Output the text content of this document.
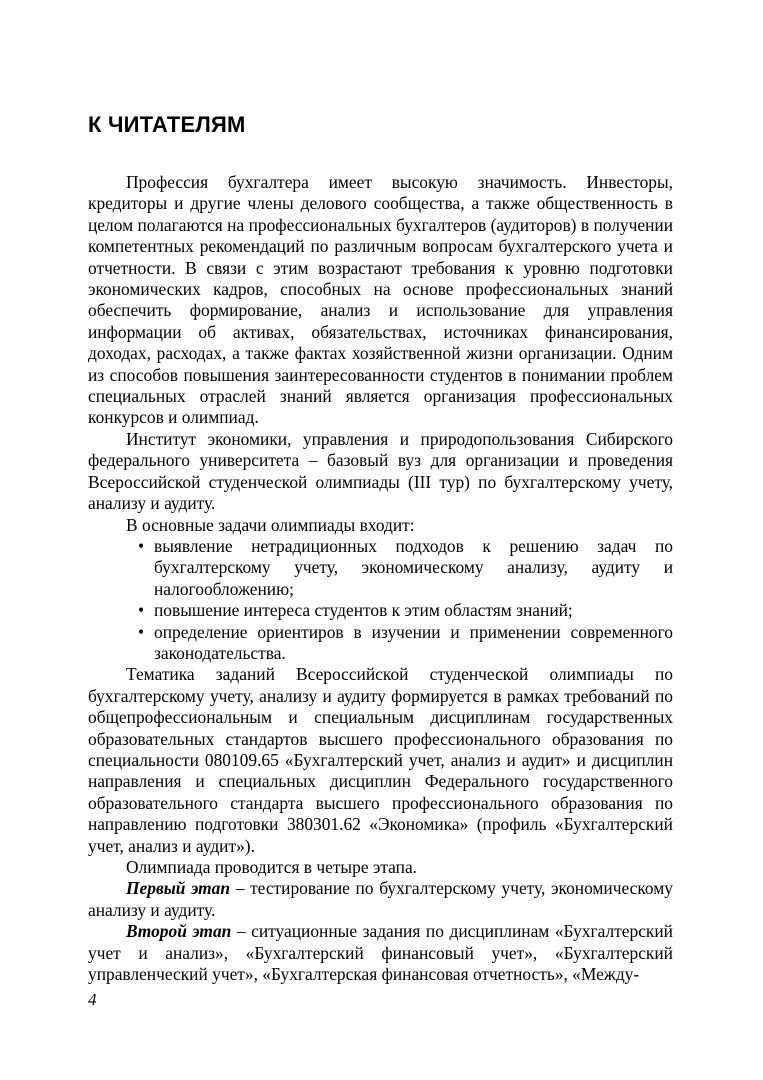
К ЧИТАТЕЛЯМ

Профессия бухгалтера имеет высокую значимость. Инвесторы, кредиторы и другие члены делового сообщества, а также общественность в целом полагаются на профессиональных бухгалтеров (аудиторов) в получении компетентных рекомендаций по различным вопросам бухгалтерского учета и отчетности. В связи с этим возрастают требования к уровню подготовки экономических кадров, способных на основе профессиональных знаний обеспечить формирование, анализ и использование для управления информации об активах, обязательствах, источниках финансирования, доходах, расходах, а также фактах хозяйственной жизни организации. Одним из способов повышения заинтересованности студентов в понимании проблем специальных отраслей знаний является организация профессиональных конкурсов и олимпиад.

Институт экономики, управления и природопользования Сибирского федерального университета – базовый вуз для организации и проведения Всероссийской студенческой олимпиады (III тур) по бухгалтерскому учету, анализу и аудиту.

В основные задачи олимпиады входит:

• выявление нетрадиционных подходов к решению задач по бухгалтерскому учету, экономическому анализу, аудиту и налогообложению;
• повышение интереса студентов к этим областям знаний;
• определение ориентиров в изучении и применении современного законодательства.

Тематика заданий Всероссийской студенческой олимпиады по бухгалтерскому учету, анализу и аудиту формируется в рамках требований по общепрофессиональным и специальным дисциплинам государственных образовательных стандартов высшего профессионального образования по специальности 080109.65 «Бухгалтерский учет, анализ и аудит» и дисциплин направления и специальных дисциплин Федерального государственного образовательного стандарта высшего профессионального образования по направлению подготовки 380301.62 «Экономика» (профиль «Бухгалтерский учет, анализ и аудит»).

Олимпиада проводится в четыре этапа.

Первый этап – тестирование по бухгалтерскому учету, экономическому анализу и аудиту.

Второй этап – ситуационные задания по дисциплинам «Бухгалтерский учет и анализ», «Бухгалтерский финансовый учет», «Бухгалтерский управленческий учет», «Бухгалтерская финансовая отчетность», «Между-

4
